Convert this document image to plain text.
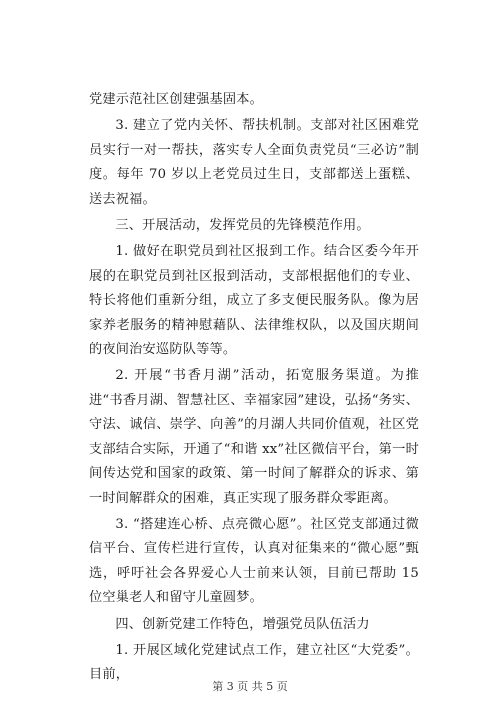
党建示范社区创建强基固本。

3. 建立了党内关怀、帮扶机制。支部对社区困难党员实行一对一帮扶，落实专人全面负责党员“三必访”制度。每年 70 岁以上老党员过生日，支部都送上蛋糕、送去祝福。

三、开展活动，发挥党员的先锋模范作用。

1. 做好在职党员到社区报到工作。结合区委今年开展的在职党员到社区报到活动，支部根据他们的专业、特长将他们重新分组，成立了多支便民服务队。像为居家养老服务的精神慰藉队、法律维权队，以及国庆期间的夜间治安巡防队等等。

2. 开展“书香月湖”活动，拓宽服务渠道。为推进“书香月湖、智慧社区、幸福家园”建设，弘扬“务实、守法、诚信、崇学、向善”的月湖人共同价值观，社区党支部结合实际，开通了“和谐 xx”社区微信平台，第一时间传达党和国家的政策、第一时间了解群众的诉求、第一时间解群众的困难，真正实现了服务群众零距离。

3. “搭建连心桥、点亮微心愿”。社区党支部通过微信平台、宣传栏进行宣传，认真对征集来的“微心愿”甄选，呼吁社会各界爱心人士前来认领，目前已帮助 15 位空巢老人和留守儿童圆梦。

四、创新党建工作特色，增强党员队伍活力

1. 开展区域化党建试点工作，建立社区“大党委”。目前，

第 3 页 共 5 页
